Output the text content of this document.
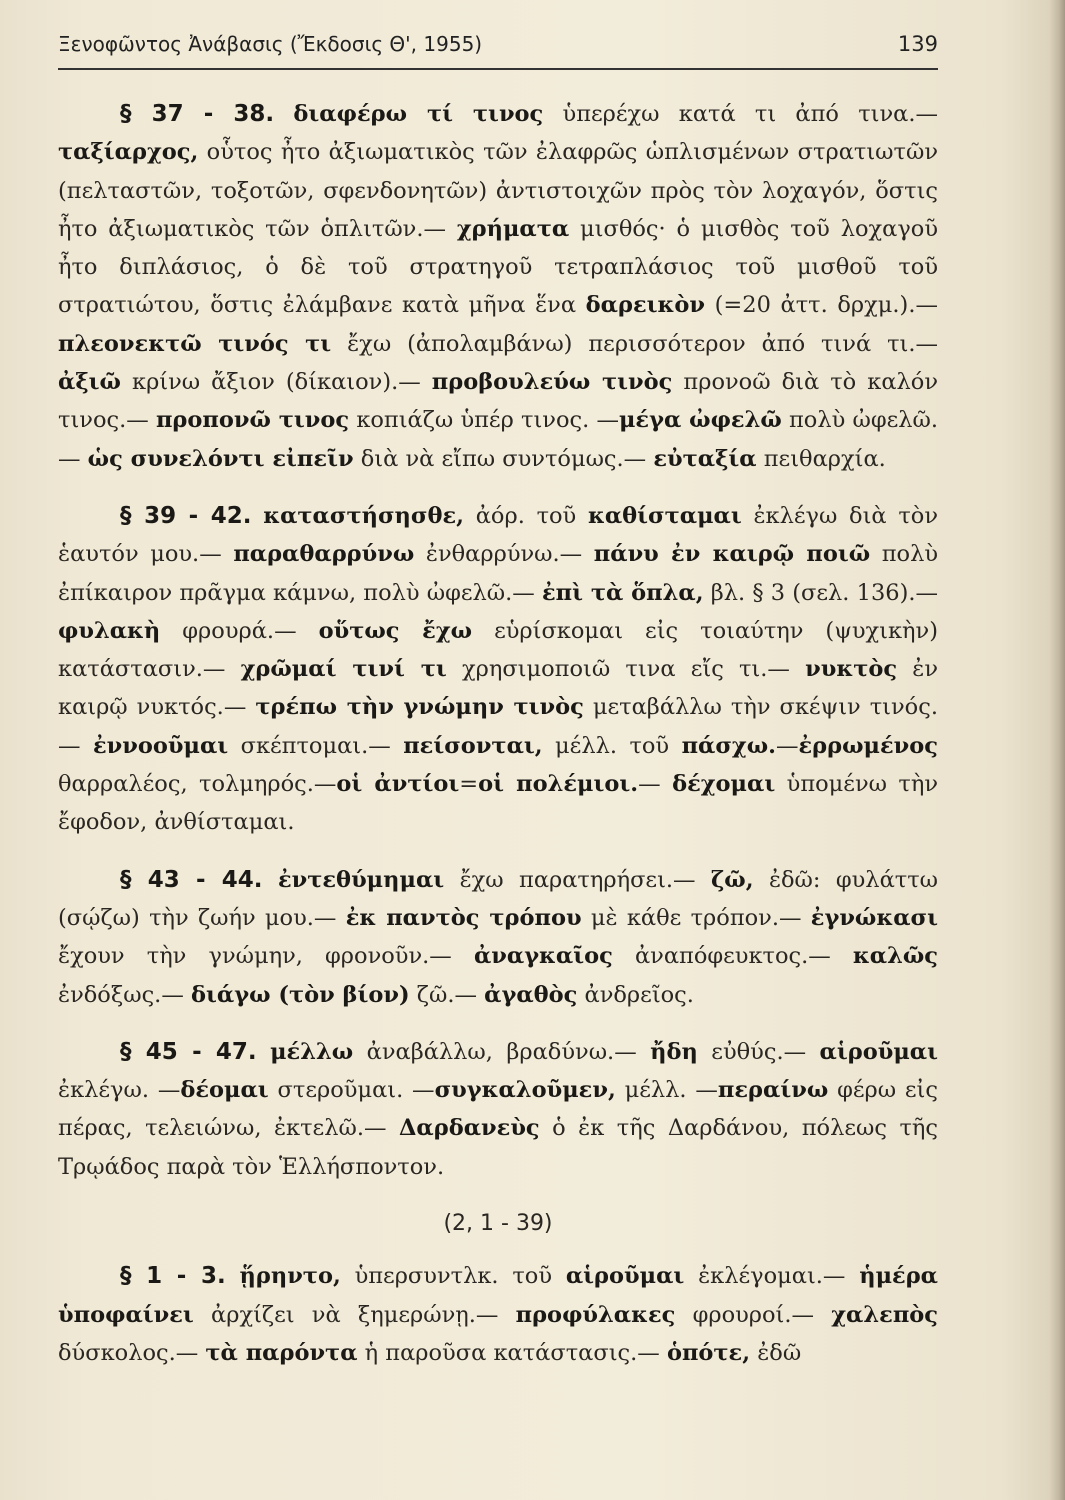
Ξενοφῶντος Ἀνάβασις (Ἔκδοσις Θ', 1955)	139

§ 37 - 38. διαφέρω τί τινος ὑπερέχω κατά τι ἀπό τινα.— ταξίαρχος, οὗτος ἦτο ἀξιωματικὸς τῶν ἐλαφρῶς ὡπλισμένων στρατιωτῶν (πελταστῶν, τοξοτῶν, σφενδονητῶν) ἀντιστοιχῶν πρὸς τὸν λοχαγόν, ὅστις ἦτο ἀξιωματικὸς τῶν ὁπλιτῶν.— χρήματα μισθός· ὁ μισθὸς τοῦ λοχαγοῦ ἦτο διπλάσιος, ὁ δὲ τοῦ στρατηγοῦ τετραπλάσιος τοῦ μισθοῦ τοῦ στρατιώτου, ὅστις ἐλάμβανε κατὰ μῆνα ἕνα δαρεικὸν (=20 ἀττ. δρχμ.).— πλεονεκτῶ τινός τι ἔχω (ἀπολαμβάνω) περισσότερον ἀπό τινά τι.— ἀξιῶ κρίνω ἄξιον (δίκαιον).— προβουλεύω τινὸς προνοῶ διὰ τὸ καλόν τινος.— προπονῶ τινος κοπιάζω ὑπέρ τινος. —μέγα ὠφελῶ πολὺ ὠφελῶ.— ὡς συνελόντι εἰπεῖν διὰ νὰ εἴπω συντόμως.— εὐταξία πειθαρχία.

§ 39 - 42. καταστήσησθε, ἀόρ. τοῦ καθίσταμαι ἐκλέγω διὰ τὸν ἑαυτόν μου.— παραθαρρύνω ἐνθαρρύνω.— πάνυ ἐν καιρῷ ποιῶ πολὺ ἐπίκαιρον πρᾶγμα κάμνω, πολὺ ὠφελῶ.— ἐπὶ τὰ ὅπλα, βλ. § 3 (σελ. 136).— φυλακὴ φρουρά.— οὕτως ἔχω εὑρίσκομαι εἰς τοιαύτην (ψυχικὴν) κατάστασιν.— χρῶμαί τινί τι χρησιμοποιῶ τινα εἴς τι.— νυκτὸς ἐν καιρῷ νυκτός.— τρέπω τὴν γνώμην τινὸς μεταβάλλω τὴν σκέψιν τινός.— ἐννοοῦμαι σκέπτομαι.— πείσονται, μέλλ. τοῦ πάσχω.—ἐρρωμένος θαρραλέος, τολμηρός.—οἱ ἀντίοι=οἱ πολέμιοι.— δέχομαι ὑπομένω τὴν ἔφοδον, ἀνθίσταμαι.

§ 43 - 44. ἐντεθύμημαι ἔχω παρατηρήσει.— ζῶ, ἐδῶ: φυλάττω (σῴζω) τὴν ζωήν μου.— ἐκ παντὸς τρόπου μὲ κάθε τρόπον.— ἐγνώκασι ἔχουν τὴν γνώμην, φρονοῦν.— ἀναγκαῖος ἀναπόφευκτος.— καλῶς ἐνδόξως.— διάγω (τὸν βίον) ζῶ.— ἀγαθὸς ἀνδρεῖος.

§ 45 - 47. μέλλω ἀναβάλλω, βραδύνω.— ἤδη εὐθύς.— αἱροῦμαι ἐκλέγω. —δέομαι στεροῦμαι. —συγκαλοῦμεν, μέλλ. —περαίνω φέρω εἰς πέρας, τελειώνω, ἐκτελῶ.— Δαρδανεὺς ὁ ἐκ τῆς Δαρδάνου, πόλεως τῆς Τρῳάδος παρὰ τὸν Ἑλλήσποντον.

(2, 1 - 39)

§ 1 - 3. ᾕρηντο, ὑπερσυντλκ. τοῦ αἱροῦμαι ἐκλέγομαι.— ἡμέρα ὑποφαίνει ἀρχίζει νὰ ξημερώνῃ.— προφύλακες φρουροί.— χαλεπὸς δύσκολος.— τὰ παρόντα ἡ παροῦσα κατάστασις.— ὁπότε, ἐδῶ
